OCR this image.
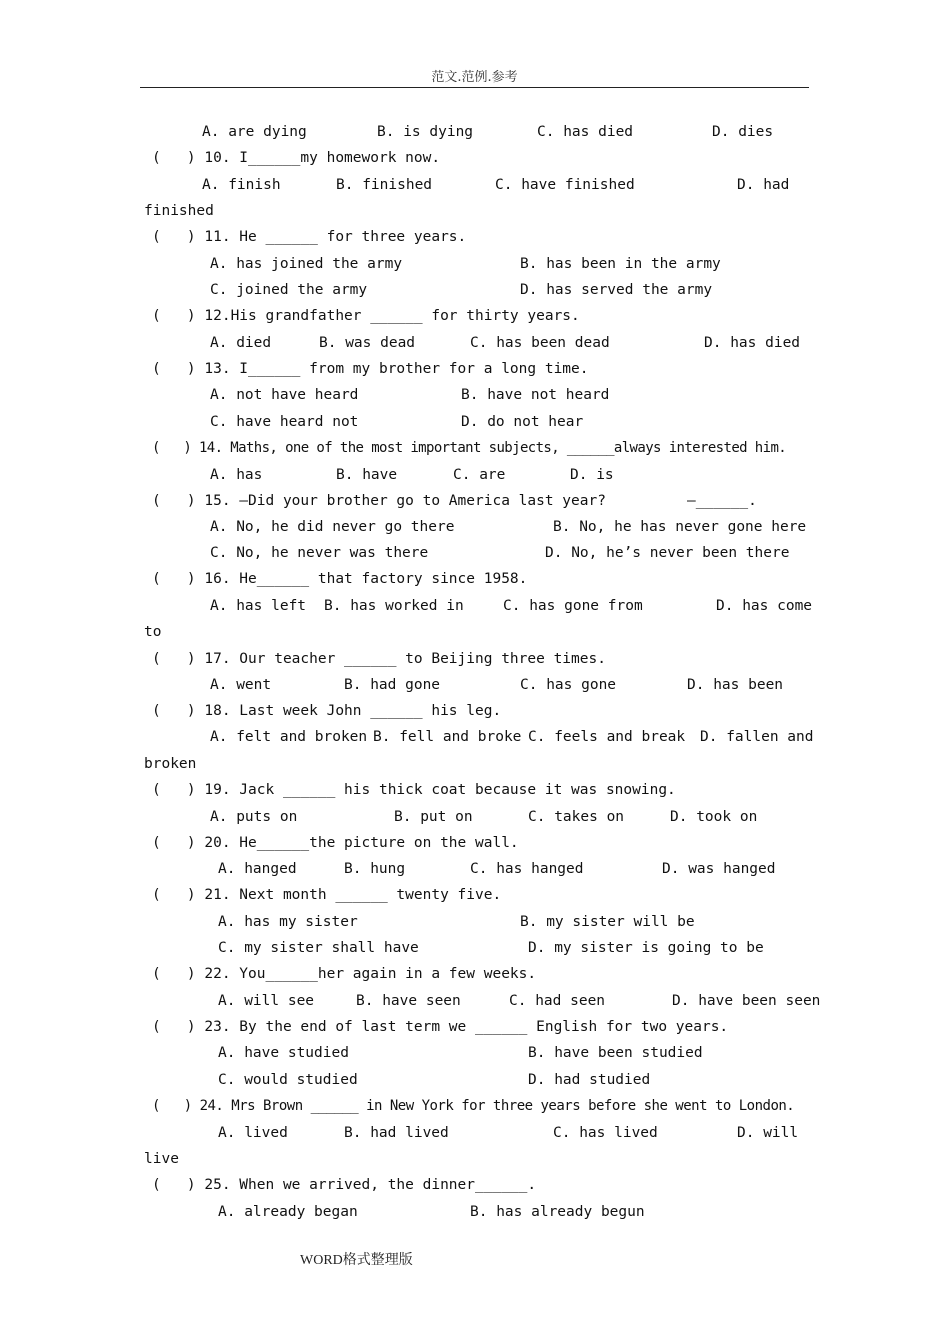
范文.范例.参考
A. are dying	B. is dying	C. has died	D. dies
(   ) 10. I______my homework now.
A. finish	B. finished	C. have finished	D. had
finished
(   ) 11. He ______ for three years.
A. has joined the army	B. has been in the army
C. joined the army	D. has served the army
(   ) 12.His grandfather ______ for thirty years.
A. died	B. was dead	C. has been dead	D. has died
(   ) 13. I______ from my brother for a long time.
A. not have heard	B. have not heard
C. have heard not	D. do not hear
(   ) 14. Maths, one of the most important subjects, ______always interested him.
A. has	B. have	C. are	D. is
(   ) 15. —Did your brother go to America last year?	—______.
A. No, he did never go there	B. No, he has never gone here
C. No, he never was there	D. No, he’s never been there
(   ) 16. He______ that factory since 1958.
A. has left B. has worked in	C. has gone from	D. has come
to
(   ) 17. Our teacher ______ to Beijing three times.
A. went	B. had gone	C. has gone	D. has been
(   ) 18. Last week John ______ his leg.
A. felt and broken B. fell and broke C. feels and break D. fallen and
broken
(   ) 19. Jack ______ his thick coat because it was snowing.
A. puts on	B. put on	C. takes on	D. took on
(   ) 20. He______the picture on the wall.
A. hanged	B. hung	C. has hanged	D. was hanged
(   ) 21. Next month ______ twenty five.
A. has my sister	B. my sister will be
C. my sister shall have	D. my sister is going to be
(   ) 22. You______her again in a few weeks.
A. will see	B. have seen	C. had seen	D. have been seen
(   ) 23. By the end of last term we ______ English for two years.
A. have studied	B. have been studied
C. would studied	D. had studied
(   ) 24. Mrs Brown ______ in New York for three years before she went to London.
A. lived	B. had lived	C. has lived	D. will
live
(   ) 25. When we arrived, the dinner______.
A. already began	B. has already begun
WORD格式整理版
